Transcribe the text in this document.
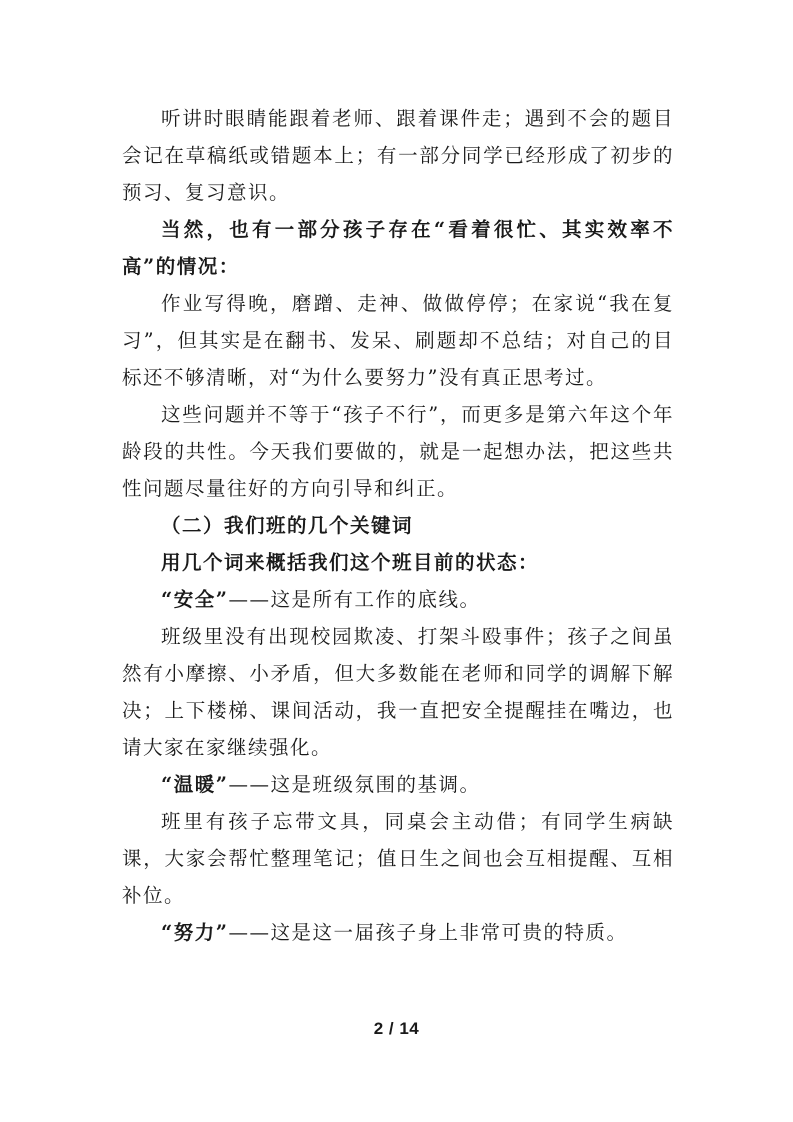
听讲时眼睛能跟着老师、跟着课件走；遇到不会的题目会记在草稿纸或错题本上；有一部分同学已经形成了初步的预习、复习意识。

当然，也有一部分孩子存在“看着很忙、其实效率不高”的情况：

作业写得晚，磨蹭、走神、做做停停；在家说“我在复习”，但其实是在翻书、发呆、刷题却不总结；对自己的目标还不够清晰，对“为什么要努力”没有真正思考过。

这些问题并不等于“孩子不行”，而更多是第六年这个年龄段的共性。今天我们要做的，就是一起想办法，把这些共性问题尽量往好的方向引导和纠正。

（二）我们班的几个关键词

用几个词来概括我们这个班目前的状态：

“安全”——这是所有工作的底线。

班级里没有出现校园欺凌、打架斗殴事件；孩子之间虽然有小摩擦、小矛盾，但大多数能在老师和同学的调解下解决；上下楼梯、课间活动，我一直把安全提醒挂在嘴边，也请大家在家继续强化。

“温暖”——这是班级氛围的基调。

班里有孩子忘带文具，同桌会主动借；有同学生病缺课，大家会帮忙整理笔记；值日生之间也会互相提醒、互相补位。

“努力”——这是这一届孩子身上非常可贵的特质。

2 / 14
